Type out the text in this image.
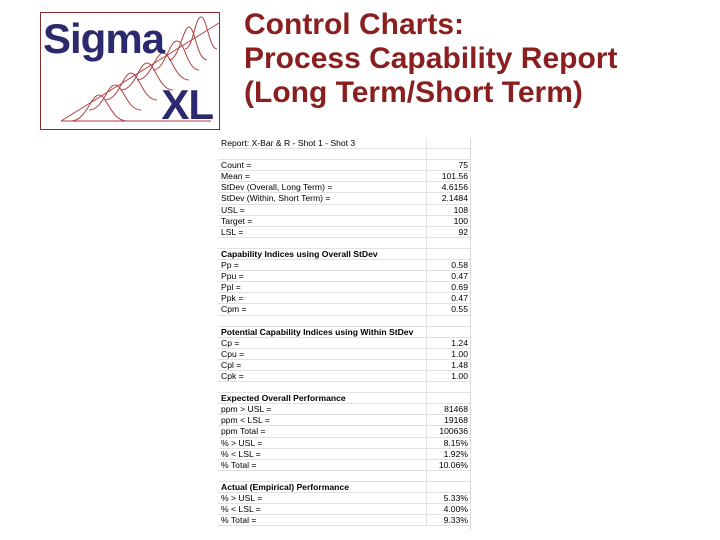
Sigma
XL
Control Charts:
Process Capability Report
(Long Term/Short Term)
Report: X-Bar & R - Shot 1 - Shot 3	

Count =	75
Mean =	101.56
StDev (Overall, Long Term) =	4.6156
StDev (Within, Short Term) =	2.1484
USL =	108
Target =	100
LSL =	92

Capability Indices using Overall StDev	
Pp =	0.58
Ppu =	0.47
Ppl =	0.69
Ppk =	0.47
Cpm =	0.55

Potential Capability Indices using Within StDev	
Cp =	1.24
Cpu =	1.00
Cpl =	1.48
Cpk =	1.00

Expected Overall Performance	
ppm > USL =	81468
ppm < LSL =	19168
ppm Total =	100636
% > USL =	8.15%
% < LSL =	1.92%
% Total =	10.06%

Actual (Empirical) Performance	
% > USL =	5.33%
% < LSL =	4.00%
% Total =	9.33%
